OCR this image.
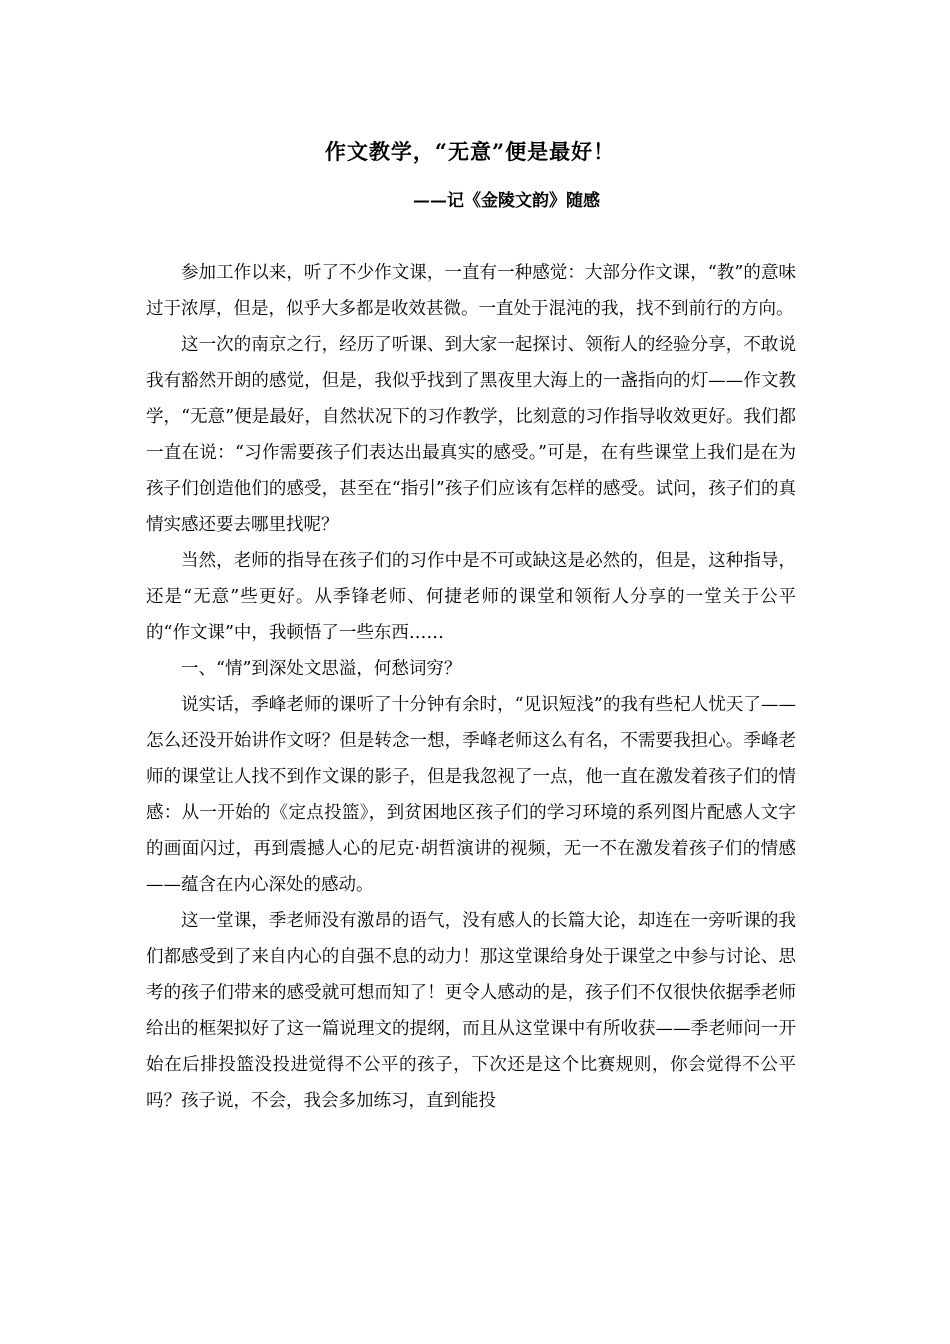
作文教学，“无意”便是最好！
——记《金陵文韵》随感

参加工作以来，听了不少作文课，一直有一种感觉：大部分作文课，“教”的意味过于浓厚，但是，似乎大多都是收效甚微。一直处于混沌的我，找不到前行的方向。

这一次的南京之行，经历了听课、到大家一起探讨、领衔人的经验分享，不敢说我有豁然开朗的感觉，但是，我似乎找到了黑夜里大海上的一盏指向的灯——作文教学，“无意”便是最好，自然状况下的习作教学，比刻意的习作指导收效更好。我们都一直在说：“习作需要孩子们表达出最真实的感受。”可是，在有些课堂上我们是在为孩子们创造他们的感受，甚至在“指引”孩子们应该有怎样的感受。试问，孩子们的真情实感还要去哪里找呢？

当然，老师的指导在孩子们的习作中是不可或缺这是必然的，但是，这种指导，还是“无意”些更好。从季锋老师、何捷老师的课堂和领衔人分享的一堂关于公平的“作文课”中，我顿悟了一些东西……

一、“情”到深处文思溢，何愁词穷？

说实话，季峰老师的课听了十分钟有余时，“见识短浅”的我有些杞人忧天了——怎么还没开始讲作文呀？但是转念一想，季峰老师这么有名，不需要我担心。季峰老师的课堂让人找不到作文课的影子，但是我忽视了一点，他一直在激发着孩子们的情感：从一开始的《定点投篮》，到贫困地区孩子们的学习环境的系列图片配感人文字的画面闪过，再到震撼人心的尼克·胡哲演讲的视频，无一不在激发着孩子们的情感——蕴含在内心深处的感动。

这一堂课，季老师没有激昂的语气，没有感人的长篇大论，却连在一旁听课的我们都感受到了来自内心的自强不息的动力！那这堂课给身处于课堂之中参与讨论、思考的孩子们带来的感受就可想而知了！更令人感动的是，孩子们不仅很快依据季老师给出的框架拟好了这一篇说理文的提纲，而且从这堂课中有所收获——季老师问一开始在后排投篮没投进觉得不公平的孩子，下次还是这个比赛规则，你会觉得不公平吗？孩子说，不会，我会多加练习，直到能投
